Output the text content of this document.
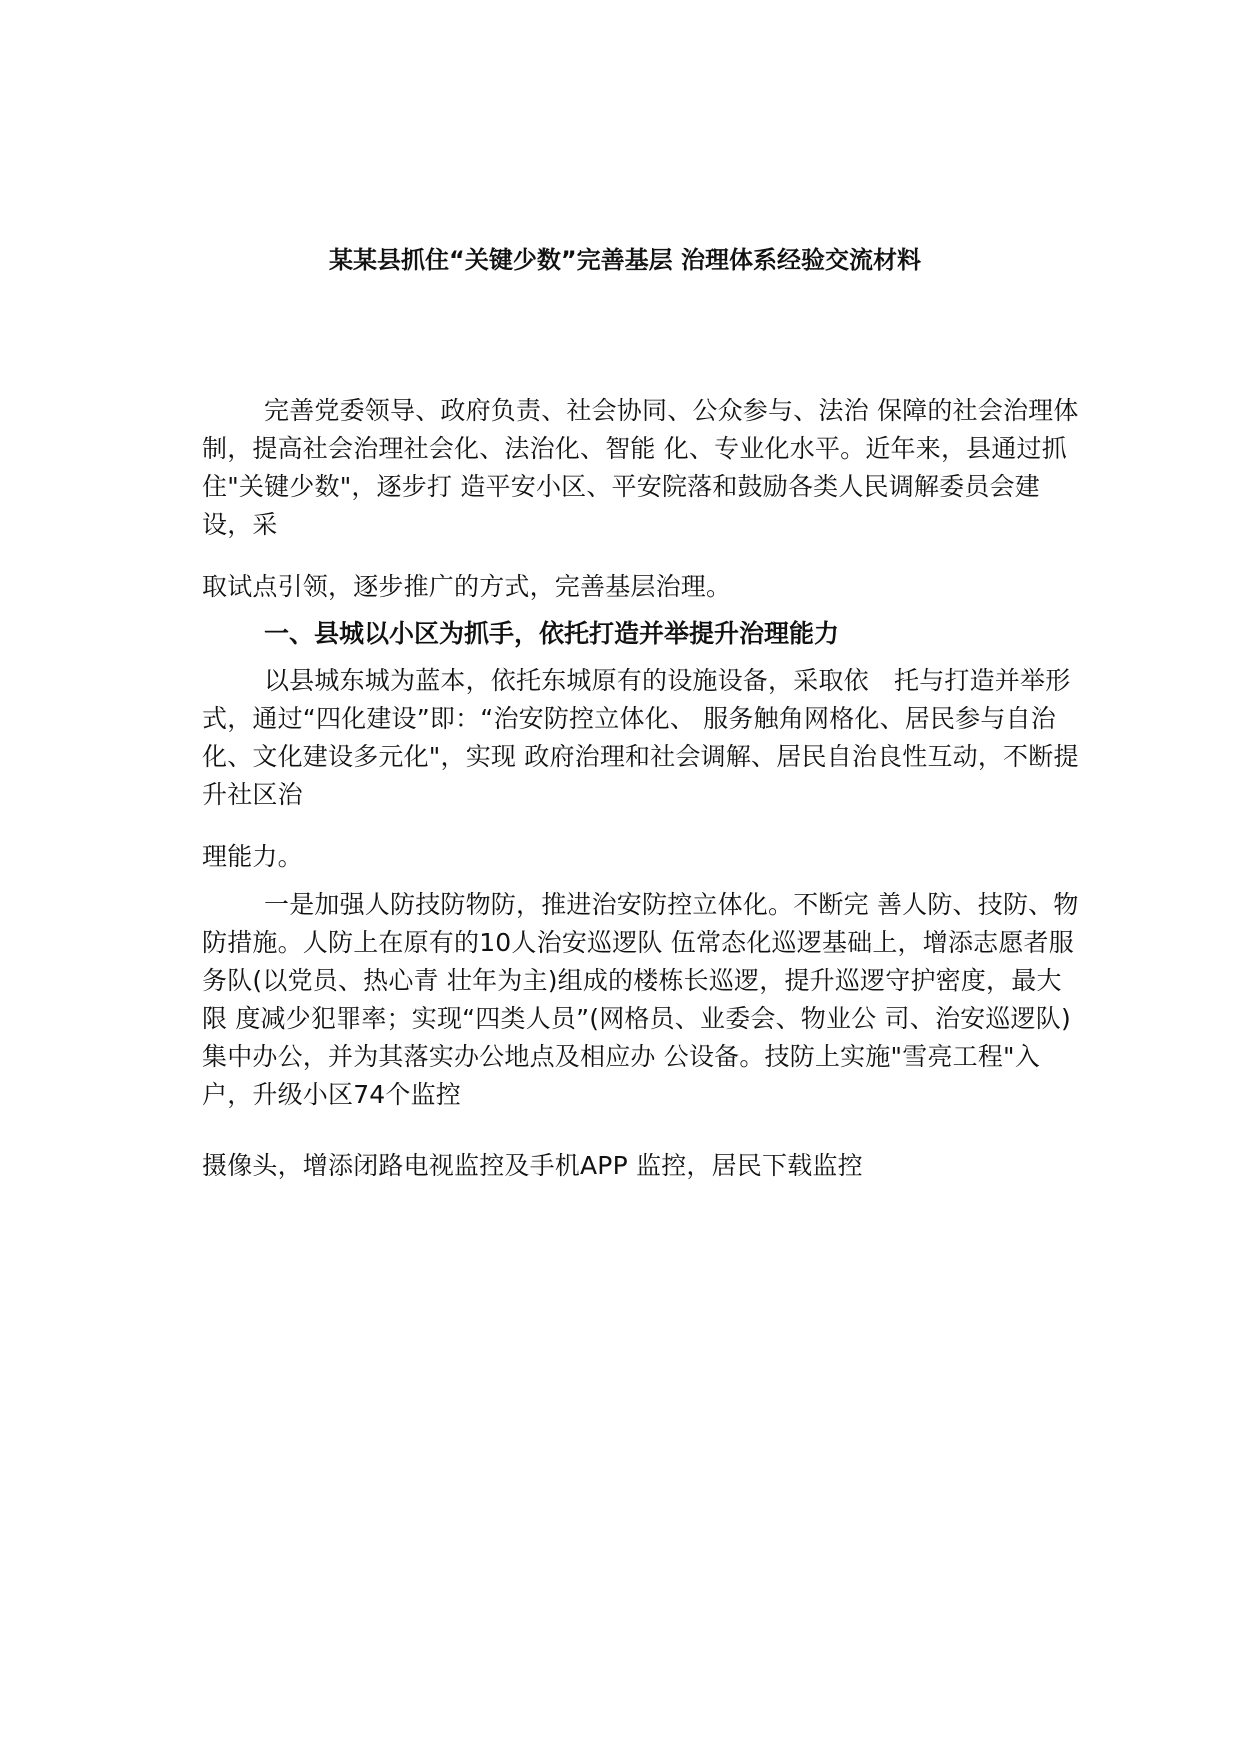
某某县抓住“关键少数”完善基层 治理体系经验交流材料

完善党委领导、政府负责、社会协同、公众参与、法治 保障的社会治理体制，提高社会治理社会化、法治化、智能 化、专业化水平。近年来，县通过抓住"关键少数"，逐步打 造平安小区、平安院落和鼓励各类人民调解委员会建设，采

取试点引领，逐步推广的方式，完善基层治理。

一、县城以小区为抓手，依托打造并举提升治理能力

以县城东城为蓝本，依托东城原有的设施设备，采取依　托与打造并举形式，通过“四化建设”即：“治安防控立体化、 服务触角网格化、居民参与自治化、文化建设多元化"，实现 政府治理和社会调解、居民自治良性互动，不断提升社区治

理能力。

一是加强人防技防物防，推进治安防控立体化。不断完 善人防、技防、物防措施。人防上在原有的10人治安巡逻队 伍常态化巡逻基础上，增添志愿者服务队(以党员、热心青 壮年为主)组成的楼栋长巡逻，提升巡逻守护密度，最大限 度减少犯罪率；实现“四类人员”(网格员、业委会、物业公 司、治安巡逻队)集中办公，并为其落实办公地点及相应办 公设备。技防上实施"雪亮工程"入户，升级小区74个监控

摄像头，增添闭路电视监控及手机APP 监控，居民下载监控
